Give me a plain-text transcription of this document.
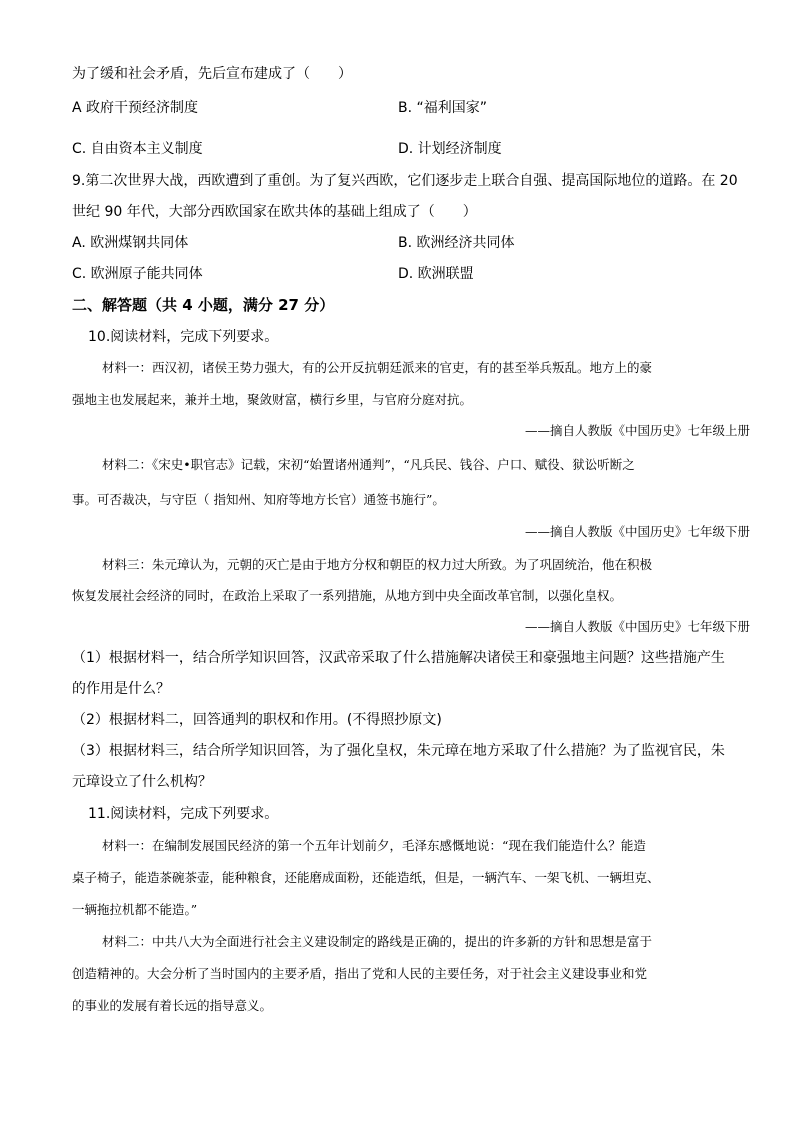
为了缓和社会矛盾，先后宣布建成了（　　）
A 政府干预经济制度	B. “福利国家”
C. 自由资本主义制度	D. 计划经济制度
9.第二次世界大战，西欧遭到了重创。为了复兴西欧，它们逐步走上联合自强、提高国际地位的道路。在 20
世纪 90 年代，大部分西欧国家在欧共体的基础上组成了（　　）
A. 欧洲煤钢共同体	B. 欧洲经济共同体
C. 欧洲原子能共同体	D. 欧洲联盟
二、解答题（共 4 小题，满分 27 分）
10.阅读材料，完成下列要求。
材料一：西汉初，诸侯王势力强大，有的公开反抗朝廷派来的官吏，有的甚至举兵叛乱。地方上的豪
强地主也发展起来，兼并土地，聚敛财富，横行乡里，与官府分庭对抗。
——摘自人教版《中国历史》七年级上册
材料二：《宋史•职官志》记载，宋初“始置诸州通判”，“凡兵民、钱谷、户口、赋役、狱讼听断之
事。可否裁决，与守臣（ 指知州、知府等地方长官）通签书施行”。
——摘自人教版《中国历史》七年级下册
材料三：朱元璋认为，元朝的灭亡是由于地方分权和朝臣的权力过大所致。为了巩固统治，他在积极
恢复发展社会经济的同时，在政治上采取了一系列措施，从地方到中央全面改革官制，以强化皇权。
——摘自人教版《中国历史》七年级下册
（1）根据材料一，结合所学知识回答，汉武帝采取了什么措施解决诸侯王和豪强地主问题？这些措施产生
的作用是什么？
（2）根据材料二，回答通判的职权和作用。(不得照抄原文)
（3）根据材料三，结合所学知识回答，为了强化皇权，朱元璋在地方采取了什么措施？为了监视官民，朱
元璋设立了什么机构？
11.阅读材料，完成下列要求。
材料一：在编制发展国民经济的第一个五年计划前夕，毛泽东感慨地说：“现在我们能造什么？能造
桌子椅子，能造茶碗茶壶，能种粮食，还能磨成面粉，还能造纸，但是，一辆汽车、一架飞机、一辆坦克、
一辆拖拉机都不能造。”
材料二：中共八大为全面进行社会主义建设制定的路线是正确的，提出的许多新的方针和思想是富于
创造精神的。大会分析了当时国内的主要矛盾，指出了党和人民的主要任务，对于社会主义建设事业和党
的事业的发展有着长远的指导意义。
